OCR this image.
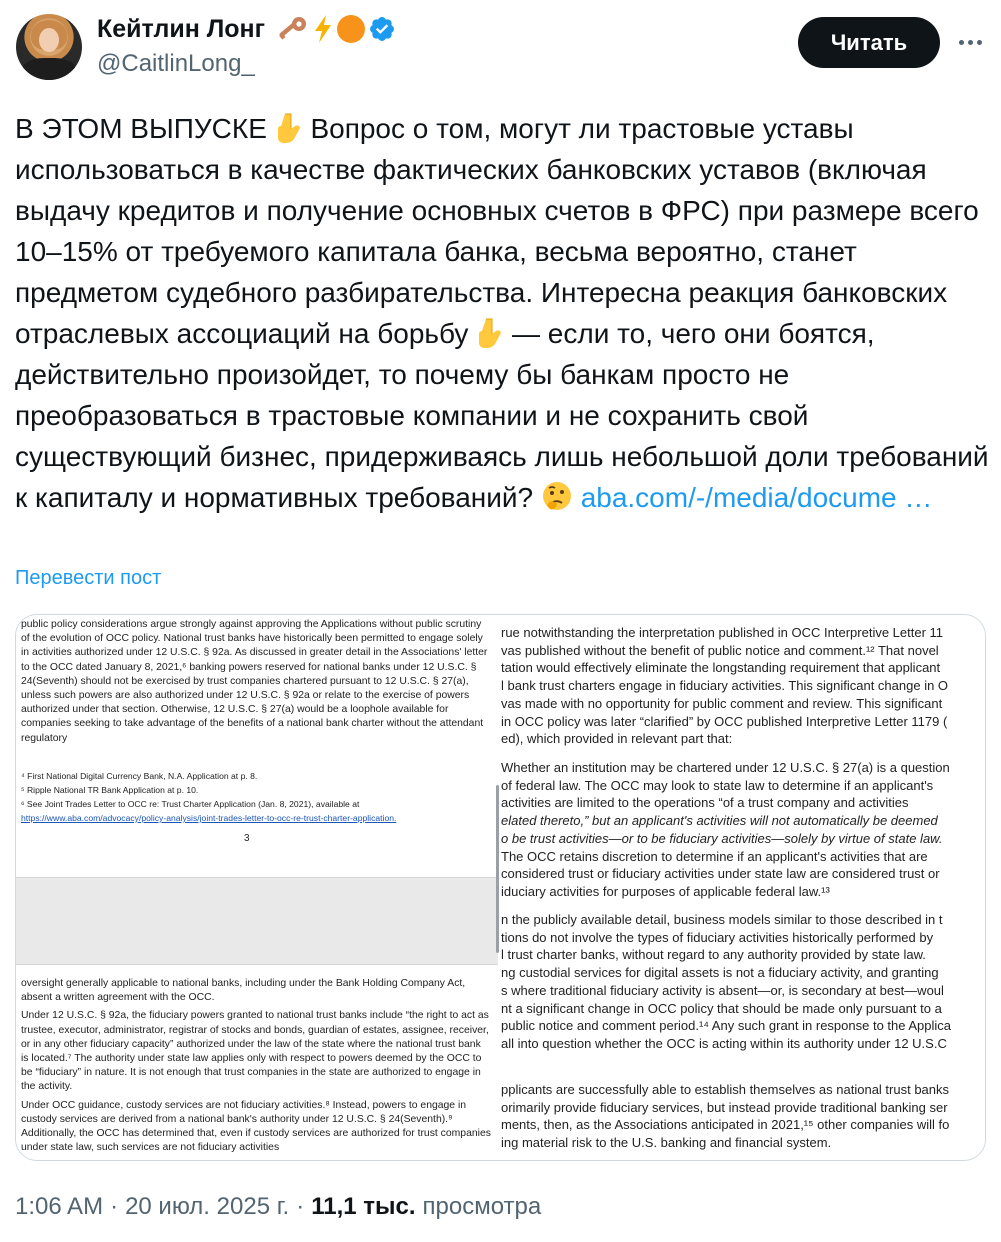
Кейтлин Лонг
@CaitlinLong_
Читать
В ЭТОМ ВЫПУСКЕ  Вопрос о том, могут ли трастовые уставы использоваться в качестве фактических банковских уставов (включая выдачу кредитов и получение основных счетов в ФРС) при размере всего 10–15% от требуемого капитала банка, весьма вероятно, станет предметом судебного разбирательства. Интересна реакция банковских отраслевых ассоциаций на борьбу  — если то, чего они боятся, действительно произойдет, то почему бы банкам просто не преобразоваться в трастовые компании и не сохранить свой существующий бизнес, придерживаясь лишь небольшой доли требований к капиталу и нормативных требований?  aba.com/-/media/docume …
Перевести пост
public policy considerations argue strongly against approving the Applications without public scrutiny of the evolution of OCC policy. National trust banks have historically been permitted to engage solely in activities authorized under 12 U.S.C. § 92a. As discussed in greater detail in the Associations' letter to the OCC dated January 8, 2021,⁶ banking powers reserved for national banks under 12 U.S.C. § 24(Seventh) should not be exercised by trust companies chartered pursuant to 12 U.S.C. § 27(a), unless such powers are also authorized under 12 U.S.C. § 92a or relate to the exercise of powers authorized under that section. Otherwise, 12 U.S.C. § 27(a) would be a loophole available for companies seeking to take advantage of the benefits of a national bank charter without the attendant regulatory
⁴ First National Digital Currency Bank, N.A. Application at p. 8.
⁵ Ripple National TR Bank Application at p. 10.
⁶ See Joint Trades Letter to OCC re: Trust Charter Application (Jan. 8, 2021), available at
https://www.aba.com/advocacy/policy-analysis/joint-trades-letter-to-occ-re-trust-charter-application.
3

oversight generally applicable to national banks, including under the Bank Holding Company Act, absent a written agreement with the OCC.

Under 12 U.S.C. § 92a, the fiduciary powers granted to national trust banks include “the right to act as trustee, executor, administrator, registrar of stocks and bonds, guardian of estates, assignee, receiver, or in any other fiduciary capacity” authorized under the law of the state where the national trust bank is located.⁷ The authority under state law applies only with respect to powers deemed by the OCC to be “fiduciary” in nature. It is not enough that trust companies in the state are authorized to engage in the activity.

Under OCC guidance, custody services are not fiduciary activities.⁸ Instead, powers to engage in custody services are derived from a national bank's authority under 12 U.S.C. § 24(Seventh).⁹ Additionally, the OCC has determined that, even if custody services are authorized for trust companies under state law, such services are not fiduciary activities

rue notwithstanding the interpretation published in OCC Interpretive Letter 11
vas published without the benefit of public notice and comment.¹² That novel
tation would effectively eliminate the longstanding requirement that applicant
l bank trust charters engage in fiduciary activities. This significant change in O
vas made with no opportunity for public comment and review. This significant
in OCC policy was later “clarified” by OCC published Interpretive Letter 1179 (
ed), which provided in relevant part that:
Whether an institution may be chartered under 12 U.S.C. § 27(a) is a question
of federal law. The OCC may look to state law to determine if an applicant's
activities are limited to the operations “of a trust company and activities
elated thereto,” but an applicant's activities will not automatically be deemed
o be trust activities—or to be fiduciary activities—solely by virtue of state law.
The OCC retains discretion to determine if an applicant's activities that are
considered trust or fiduciary activities under state law are considered trust or
iduciary activities for purposes of applicable federal law.¹³
n the publicly available detail, business models similar to those described in t
tions do not involve the types of fiduciary activities historically performed by
l trust charter banks, without regard to any authority provided by state law.
ng custodial services for digital assets is not a fiduciary activity, and granting
s where traditional fiduciary activity is absent—or, is secondary at best—woul
nt a significant change in OCC policy that should be made only pursuant to a
public notice and comment period.¹⁴ Any such grant in response to the Applica
all into question whether the OCC is acting within its authority under 12 U.S.C
pplicants are successfully able to establish themselves as national trust banks
orimarily provide fiduciary services, but instead provide traditional banking ser
ments, then, as the Associations anticipated in 2021,¹⁵ other companies will fo
ing material risk to the U.S. banking and financial system.
1:06 AM · 20 июл. 2025 г. · 11,1 тыс. просмотра
